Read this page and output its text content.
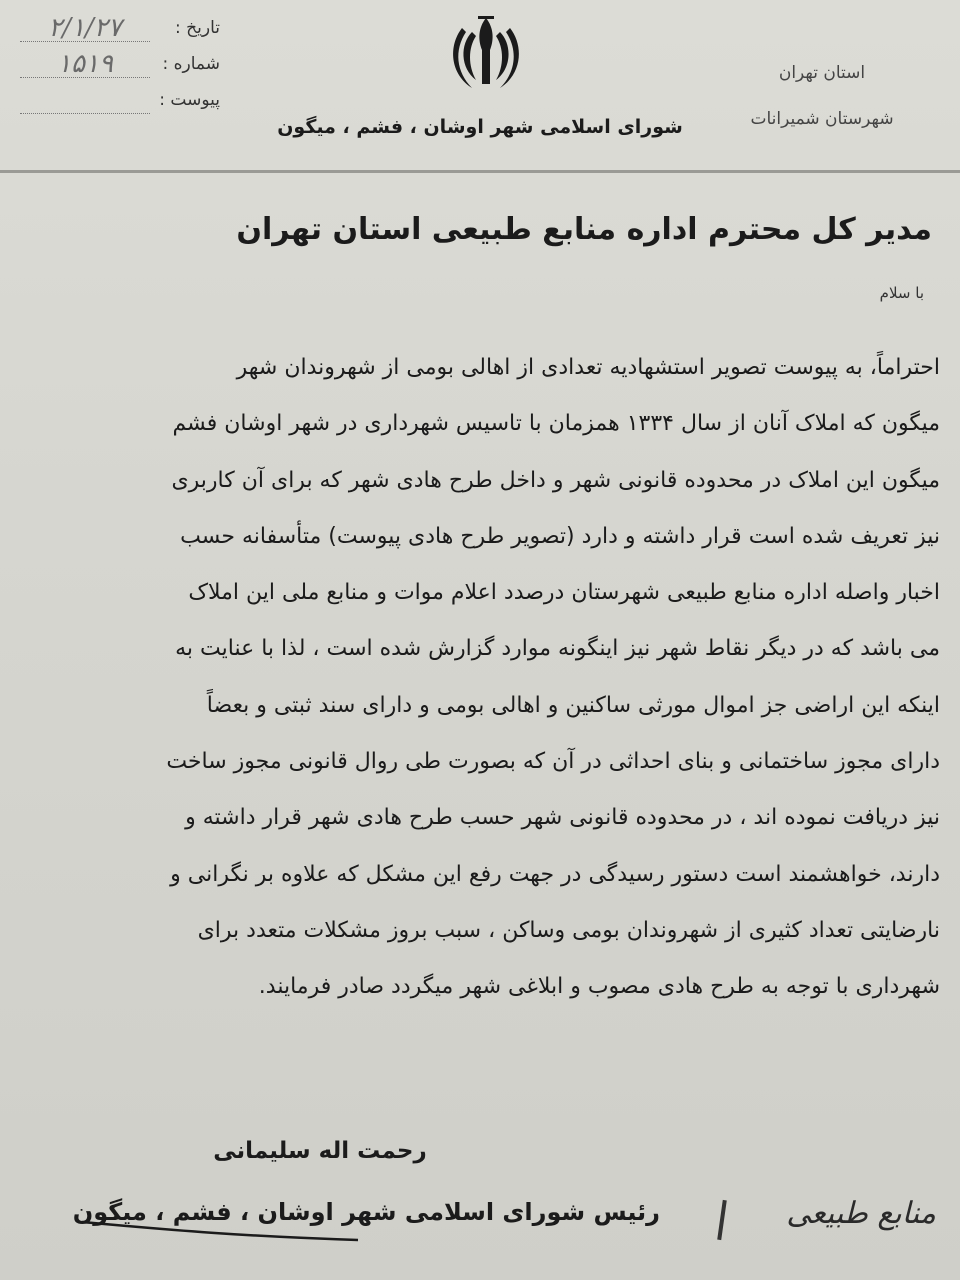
تاریخ :
۲/۱/۲۷
شماره :
۱۵۱۹
پیوست :
شورای اسلامی شهر اوشان ، فشم ، میگون
استان تهران
شهرستان شمیرانات
مدیر کل محترم اداره منابع طبیعی استان تهران
با سلام
احتراماً، به پیوست تصویر استشهادیه تعدادی از اهالی بومی از شهروندان شهر
میگون که املاک آنان از سال ۱۳۳۴ همزمان با تاسیس شهرداری در شهر اوشان فشم
میگون این املاک در محدوده قانونی شهر و داخل طرح هادی شهر که برای آن کاربری
نیز تعریف شده است قرار داشته و دارد (تصویر طرح هادی پیوست) متأسفانه حسب
اخبار واصله اداره منابع طبیعی شهرستان درصدد اعلام موات و منابع ملی این املاک
می باشد که در دیگر نقاط شهر نیز اینگونه موارد گزارش شده است ، لذا با عنایت به
اینکه این اراضی جز اموال مورثی ساکنین و اهالی بومی و دارای سند ثبتی و بعضاً
دارای مجوز ساختمانی و بنای احداثی در آن که بصورت طی روال قانونی مجوز ساخت
نیز دریافت نموده اند ، در محدوده قانونی شهر حسب طرح هادی شهر قرار داشته و
دارند، خواهشمند است دستور رسیدگی در جهت رفع این مشکل که علاوه بر نگرانی و
نارضایتی تعداد کثیری از شهروندان بومی وساکن ، سبب بروز مشکلات متعدد برای
شهرداری با توجه به طرح هادی مصوب و ابلاغی شهر میگردد صادر فرمایند.
رحمت اله سلیمانی
رئیس شورای اسلامی شهر اوشان ، فشم ، میگون	منابع طبیعی
